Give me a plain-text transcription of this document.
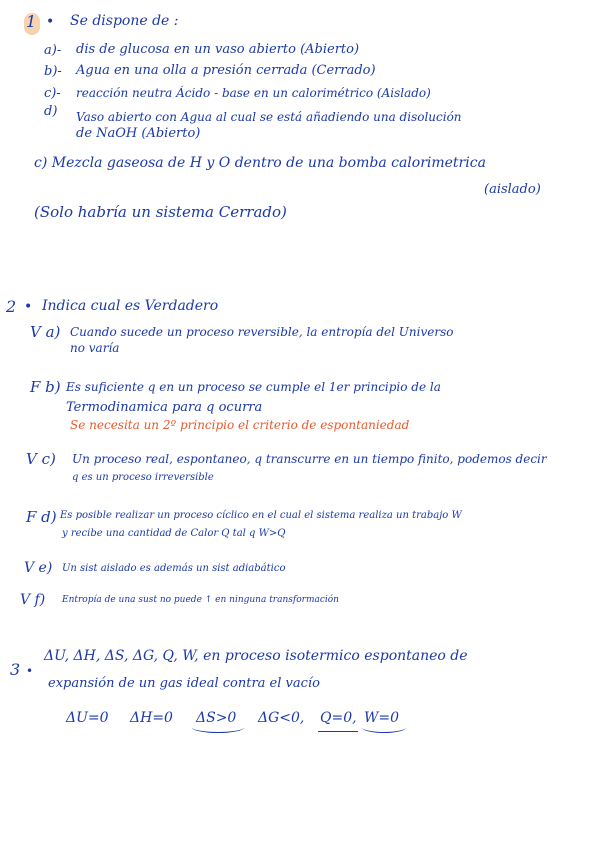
1 • Se dispone de :
a)- dis de glucosa en un vaso abierto (Abierto)
b)- Agua en una olla a presión cerrada (Cerrado)
c)- reacción neutra Ácido - base en un calorimétrico (Aislado)
d) Vaso abierto con Agua al cual se está añadiendo una disolución
de NaOH (Abierto)
c) Mezcla gaseosa de H y O dentro de una bomba calorimetrica
(aislado)
(Solo habría un sistema Cerrado)
2 • Indica cual es Verdadero
V a) Cuando sucede un proceso reversible, la entropía del Universo
no varía
F b) Es suficiente q en un proceso se cumple el 1er principio de la
Termodinamica para q ocurra
Se necesita un 2º principio el criterio de espontaniedad
V c) Un proceso real, espontaneo, q transcurre en un tiempo finito, podemos decir
q es un proceso irreversible
F d) Es posible realizar un proceso cíclico en el cual el sistema realiza un trabajo W
y recibe una cantidad de Calor Q tal q W>Q
V e) Un sist aislado es además un sist adiabático
V f) Entropía de una sust no puede ↑ en ninguna transformación
3 •
ΔU, ΔH, ΔS, ΔG, Q, W, en proceso isotermico espontaneo de
expansión de un gas ideal contra el vacío
ΔU=0 ΔH=0 ΔS>0 ΔG<0, Q=0, W=0
